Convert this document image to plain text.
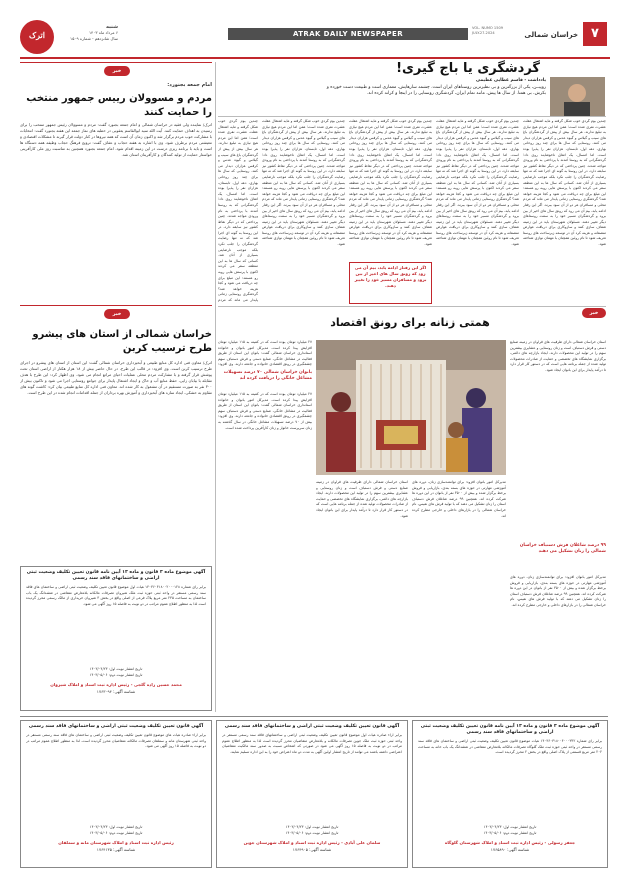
۷
خراسان شمالی
VOL. NUMO 1509
JULY.27.2024
ATRAK DAILY NEWSPAPER
اترک
شنبه
۶ مرداد ماه ۱۴۰۳
سال شانزدهم - شماره ۱۵۰۹
گردشگری یا باج گیری!
یادداشت - قاسم عطایی عظیمی
روییــن، یکی از بزرگترین و بی نظیرترین روستاهای ایران است. چشمه سارهایش، معماری است و طبیعت دست خورده و بکرش، بی همتا. از سال ها پیش، مانند تمام ایران، گردشگری روستایی را در اینجا و کرانه کرده اند.
چندین بوم گردی خوب شکل گرفته و مایه اشتغال عقلت عشرت نفری شده است؛ همن اما این مردم هیچ نیازی به تبلیغ ندارند. هر سال بیش از پیش از گردشگران باغ های سیب و گیلاس و گیوه عدس و کرفس هزاران دیدار می کنند. روستایی که سال ها برای چند روز روحانی بهاری، دهه اول، تابستان، هزاران نفر را پذیرا بوده است. اما امسال، یک اتفاق ناخوشایند روی داد؛ گردشگرانی که به روستا آمدند با پرداختی به نام ورودی مواجه شدند. چنین پرداختی که در دیگر نقاط کشور نیز سابقه دارد، در این روستا به گونه ای اجرا شد که نه تنها رضایت گردشگران را جلب نکرد بلکه موجب نارضایتی بسیاری از آنان شد. کسانی که سال ها به این منطقه سفر می کردند اکنون با پرسش هایی روبه رو هستند: این مبلغ برای چه دریافت می شود و کجا هزینه خواهد شد؟ گردشگری روستایی زمانی پایدار می ماند که مردم محلی و مسافران هر دو از آن سود ببرند. اگر این رفتار ادامه یابد، بیم آن می رود که رونق سال های اخیر از بین برود و گردشگران مسیر خود را به سمت روستاهای دیگر تغییر دهند. مسئولان شهرستان باید در این زمینه شفاف سازی کنند و سازوکاری برای دریافت عوارض منصفانه و هزینه کرد آن در توسعه زیرساخت های روستا تعریف شود تا نام روئین همچنان با مهمان نوازی شناخته شود.
چندین بوم گردی خوب شکل گرفته و مایه اشتغال عقلت عشرت نفری شده است؛ همن اما این مردم هیچ نیازی به تبلیغ ندارند. هر سال بیش از پیش از گردشگران باغ های سیب و گیلاس و گیوه عدس و کرفس هزاران دیدار می کنند. روستایی که سال ها برای چند روز روحانی بهاری، دهه اول، تابستان، هزاران نفر را پذیرا بوده است. اما امسال، یک اتفاق ناخوشایند روی داد؛ گردشگرانی که به روستا آمدند با پرداختی به نام ورودی مواجه شدند. چنین پرداختی که در دیگر نقاط کشور نیز سابقه دارد، در این روستا به گونه ای اجرا شد که نه تنها رضایت گردشگران را جلب نکرد بلکه موجب نارضایتی بسیاری از آنان شد. کسانی که سال ها به این منطقه سفر می کردند اکنون با پرسش هایی روبه رو هستند: این مبلغ برای چه دریافت می شود و کجا هزینه خواهد شد؟ گردشگری روستایی زمانی پایدار می ماند که مردم محلی و مسافران هر دو از آن سود ببرند. اگر این رفتار ادامه یابد، بیم آن می رود که رونق سال های اخیر از بین برود و گردشگران مسیر خود را به سمت روستاهای دیگر تغییر دهند. مسئولان شهرستان باید در این زمینه شفاف سازی کنند و سازوکاری برای دریافت عوارض منصفانه و هزینه کرد آن در توسعه زیرساخت های روستا تعریف شود تا نام روئین همچنان با مهمان نوازی شناخته شود.
چندین بوم گردی خوب شکل گرفته و مایه اشتغال عقلت عشرت نفری شده است؛ همن اما این مردم هیچ نیازی به تبلیغ ندارند. هر سال بیش از پیش از گردشگران باغ های سیب و گیلاس و گیوه عدس و کرفس هزاران دیدار می کنند. روستایی که سال ها برای چند روز روحانی بهاری، دهه اول، تابستان، هزاران نفر را پذیرا بوده است. اما امسال، یک اتفاق ناخوشایند روی داد؛ گردشگرانی که به روستا آمدند با پرداختی به نام ورودی مواجه شدند. چنین پرداختی که در دیگر نقاط کشور نیز سابقه دارد، در این روستا به گونه ای اجرا شد که نه تنها رضایت گردشگران را جلب نکرد بلکه موجب نارضایتی بسیاری از آنان شد. کسانی که سال ها به این منطقه سفر می کردند اکنون با پرسش هایی روبه رو هستند: این مبلغ برای چه دریافت می شود و کجا هزینه خواهد شد؟ گردشگری روستایی زمانی پایدار می ماند که مردم محلی و مسافران هر دو از آن سود ببرند. اگر این رفتار ادامه یابد، بیم آن می رود که رونق سال های اخیر از بین برود و گردشگران مسیر خود را به سمت روستاهای دیگر تغییر دهند. مسئولان شهرستان باید در این زمینه شفاف سازی کنند و سازوکاری برای دریافت عوارض منصفانه و هزینه کرد آن در توسعه زیرساخت های روستا تعریف شود تا نام روئین همچنان با مهمان نوازی شناخته شود.
اگر این رفتار ادامه یابد، بیم آن می رود که رونق سال های اخیر از بین برود و مسافران مسیر خود را تغییر دهند.
چندین بوم گردی خوب شکل گرفته و مایه اشتغال عقلت عشرت نفری شده است؛ همن اما این مردم هیچ نیازی به تبلیغ ندارند. هر سال بیش از پیش از گردشگران باغ های سیب و گیلاس و گیوه عدس و کرفس هزاران دیدار می کنند. روستایی که سال ها برای چند روز روحانی بهاری، دهه اول، تابستان، هزاران نفر را پذیرا بوده است. اما امسال، یک اتفاق ناخوشایند روی داد؛ گردشگرانی که به روستا آمدند با پرداختی به نام ورودی مواجه شدند. چنین پرداختی که در دیگر نقاط کشور نیز سابقه دارد، در این روستا به گونه ای اجرا شد که نه تنها رضایت گردشگران را جلب نکرد بلکه موجب نارضایتی بسیاری از آنان شد. کسانی که سال ها به این منطقه سفر می کردند اکنون با پرسش هایی روبه رو هستند: این مبلغ برای چه دریافت می شود و کجا هزینه خواهد شد؟ گردشگری روستایی زمانی پایدار می ماند که مردم محلی و مسافران هر دو از آن سود ببرند. اگر این رفتار ادامه یابد، بیم آن می رود که رونق سال های اخیر از بین برود و گردشگران مسیر خود را به سمت روستاهای دیگر تغییر دهند. مسئولان شهرستان باید در این زمینه شفاف سازی کنند و سازوکاری برای دریافت عوارض منصفانه و هزینه کرد آن در توسعه زیرساخت های روستا تعریف شود تا نام روئین همچنان با مهمان نوازی شناخته شود.
چندین بوم گردی خوب شکل گرفته و مایه اشتغال عقلت عشرت نفری شده است؛ همن اما این مردم هیچ نیازی به تبلیغ ندارند. هر سال بیش از پیش از گردشگران باغ های سیب و گیلاس و گیوه عدس و کرفس هزاران دیدار می کنند. روستایی که سال ها برای چند روز روحانی بهاری، دهه اول، تابستان، هزاران نفر را پذیرا بوده است. اما امسال، یک اتفاق ناخوشایند روی داد؛ گردشگرانی که به روستا آمدند با پرداختی به نام ورودی مواجه شدند. چنین پرداختی که در دیگر نقاط کشور نیز سابقه دارد، در این روستا به گونه ای اجرا شد که نه تنها رضایت گردشگران را جلب نکرد بلکه موجب نارضایتی بسیاری از آنان شد. کسانی که سال ها به این منطقه سفر می کردند اکنون با پرسش هایی روبه رو هستند: این مبلغ برای چه دریافت می شود و کجا هزینه خواهد شد؟ گردشگری روستایی زمانی پایدار می ماند که مردم
خبر
همتی زنانه برای رونق اقتصاد
استان خراسان شمالی دارای ظرفیت های فراوان در زمینه صنایع دستی و فرش دستباف است و زنان روستایی و عشایری بیشترین سهم را در تولید این محصولات دارند. ایجاد بازارچه های دائمی، برگزاری نمایشگاه های تخصصی و حمایت از صادرات محصولات تولید شده از جمله برنامه هایی است که در دستور کار قرار دارد تا درآمد پایدار برای این بانوان ایجاد شود.
۹۹ درصد شاغلان فرش دستباف خراسان شمالی را زنان تشکیل می دهند
مدیرکل امور بانوان افزود: برای توانمندسازی زنان، دوره های آموزشی مهارتی در حوزه های بسته بندی، بازاریابی و فروش برخط برگزار شده و بیش از ۳۵۰۰ نفر از بانوان در این دوره ها شرکت کرده اند. همچنین ۹۹ درصد شاغلان فرش دستباف استان را زنان تشکیل می دهند که با تولید فرش های نفیس، نام خراسان شمالی را در بازارهای داخلی و خارجی مطرح کرده اند.
۲۷ میلیارد تومان بوده است که در کمیته به ۱۱۵ میلیارد تومان افزایش پیدا کرده است. مدیرکل امور بانوان و خانواده استانداری خراسان شمالی گفت: بانوان این استان از طریق فعالیت در مشاغل خانگی، صنایع دستی و فرش دستباف سهم چشمگیری در رونق اقتصادی خانواده و جامعه دارند. وی افزود:
بانوان خراسان شمالی ۷۰ درصد تسهیلات مشاغل خانگی را دریافت کرده اند
۲۷ میلیارد تومان بوده است که در کمیته به ۱۱۵ میلیارد تومان افزایش پیدا کرده است. مدیرکل امور بانوان و خانواده استانداری خراسان شمالی گفت: بانوان این استان از طریق فعالیت در مشاغل خانگی، صنایع دستی و فرش دستباف سهم چشمگیری در رونق اقتصادی خانواده و جامعه دارند. وی افزود: بیش از ۷۰ درصد تسهیلات مشاغل خانگی در سال گذشته به زنان سرپرست خانوار و زنان کارآفرین پرداخت شده است.
مدیرکل امور بانوان افزود: برای توانمندسازی زنان، دوره های آموزشی مهارتی در حوزه های بسته بندی، بازاریابی و فروش برخط برگزار شده و بیش از ۳۵۰۰ نفر از بانوان در این دوره ها شرکت کرده اند. همچنین ۹۹ درصد شاغلان فرش دستباف استان را زنان تشکیل می دهند که با تولید فرش های نفیس، نام خراسان شمالی را در بازارهای داخلی و خارجی مطرح کرده اند.
استان خراسان شمالی دارای ظرفیت های فراوان در زمینه صنایع دستی و فرش دستباف است و زنان روستایی و عشایری بیشترین سهم را در تولید این محصولات دارند. ایجاد بازارچه های دائمی، برگزاری نمایشگاه های تخصصی و حمایت از صادرات محصولات تولید شده از جمله برنامه هایی است که در دستور کار قرار دارد تا درآمد پایدار برای این بانوان ایجاد شود.
خبر
امام جمعه بجنورد:
مردم و مسوولان رییس جمهور منتخب را حمایت کنند
اترک/ نماینده ولی فقیه در خراسان شمالی و امام جمعه بجنورد گفت: مردم و مسوولان رئیس جمهور منتخب را برای رسیدن به اهداف حمایت کنند. آیت الله سید ابوالقاسم یعقوبی در خطبه های نماز جمعه این هفته بجنورد گفت: انتخابات با مشارکت خوب مردم برگزار شد و اکنون زمان آن است که همه نیروها در کنار دولت قرار گیرند تا مشکلات اقتصادی و معیشتی مردم برطرف شود. وی با اشاره به هفته حجاب و عفاف گفت: ترویج فرهنگ حجاب وظیفه همه دستگاه ها است و باید با برنامه ریزی درست در این زمینه اقدام شود. امام جمعه بجنورد همچنین به مناسبت روز ملی کارآفرینی خواستار حمایت از تولید کنندگان و کارآفرینان استان شد.
خبر
خراسان شمالی از استان های پیشرو طرح ترسیب کربن
اترک/ معاون فنی اداره کل منابع طبیعی و آبخیزداری خراسان شمالی گفت: این استان از استان های پیشرو در اجرای طرح ترسیب کربن است. وی افزود: در قالب این طرح، در حال حاضر بیش از ۱۸ هزار هکتار از اراضی استان تحت پوشش قرار گرفته و با مشارکت مردم محلی عملیات احیای مراتع انجام می شود. وی اظهار کرد: این طرح با هدف مقابله با بیابان زایی، حفظ منابع آب و خاک و ایجاد اشتغال پایدار برای جوامع روستایی اجرا می شود و تاکنون بیش از ۳۰۰ نفر به صورت مستقیم در آن مشغول به کار شده اند. معاون فنی اداره کل منابع طبیعی بیان کرد: کاشت گونه های مقاوم به خشکی، ایجاد سازه های آبخیزداری و آموزش بهره برداران از جمله اقدامات انجام شده در این طرح است.
آگهی موضوع ماده ۳ قانون و ماده ۱۳ آیین نامه قانون تعیین تکلیف وضعیت ثبتی اراضی و ساختمانهای فاقد سند رسمی
برابر رای شماره ۱۴۰۳۶۰۳۱۸۰۰۲۰۰۰۱۲۸ هیات اول موضوع قانون تعیین تکلیف وضعیت ثبتی اراضی و ساختمان های فاقد سند رسمی مستقر در واحد ثبتی حوزه ثبت ملک شیروان تصرفات مالکانه بلامعارض متقاضی در ششدانگ یک باب ساختمان به مساحت ۲۳۵ متر مربع پلاک فرعی از اصلی واقع در بخش ۳ شیروان خریداری از مالک رسمی محرز گردیده است لذا به منظور اطلاع عموم مراتب در دو نوبت به فاصله ۱۵ روز آگهی می شود.
تاریخ انتشار نوبت اول: ۱۴۰۳/۰۴/۲۳
تاریخ انتشار نوبت دوم: ۱۴۰۳/۰۵/۰۶
محمد حسین زاده گلجی - رئیس اداره ثبت اسناد و املاک شیروان
شناسه آگهی: ۱۷۶۳۰۹۴
آگهی موضوع ماده ۳ قانون و ماده ۱۳ آیین نامه قانون تعیین تکلیف وضعیت ثبتی اراضی و ساختمانهای فاقد سند رسمی
برابر رای شماره ۱۴۰۳۶۰۳۱۸۰۰۴۰۰۰۳۴۲ هیات موضوع قانون تعیین تکلیف وضعیت ثبتی اراضی و ساختمان های فاقد سند رسمی مستقر در واحد ثبتی حوزه ثبت ملک گلوگاه تصرفات مالکانه بلامعارض متقاضی در ششدانگ یک باب خانه به مساحت ۲۰۲ متر مربع قسمتی از پلاک اصلی واقع در بخش ۲ محرز گردیده است.
تاریخ انتشار نوبت اول: ۱۴۰۳/۰۴/۲۳
تاریخ انتشار نوبت دوم: ۱۴۰۳/۰۵/۰۶
جعفر رسولی - رئیس اداره ثبت اسناد و املاک شهرستان گلوگاه
شناسه آگهی: ۱۷۶۵۸۹۰
آگهی قانون تعیین تکلیف وضعیت ثبتی اراضی و ساختمانهای فاقد سند رسمی
برابر آراء صادره هیات اول موضوع قانون تعیین تکلیف وضعیت ثبتی اراضی و ساختمانهای فاقد سند رسمی مستقر در واحد ثبتی حوزه ثبت ملک جوین تصرفات مالکانه و بلامعارض متقاضیان محرز گردیده است لذا به منظور اطلاع عموم مراتب در دو نوبت به فاصله ۱۵ روز آگهی می شود در صورتی که اشخاص نسبت به صدور سند مالکیت متقاضیان اعتراضی داشته باشند می توانند از تاریخ انتشار اولین آگهی به مدت دو ماه اعتراض خود را به این اداره تسلیم نمایند.
تاریخ انتشار نوبت اول: ۱۴۰۳/۰۴/۲۳
تاریخ انتشار نوبت دوم: ۱۴۰۳/۰۵/۰۶
سلمان علی آبادی - رئیس اداره ثبت اسناد و املاک شهرستان جوین
شناسه آگهی: ۱۷۶۴۹۰۵
آگهی قانون تعیین تکلیف وضعیت ثبتی اراضی و ساختمانهای فاقد سند رسمی
برابر آراء صادره هیات های موضوع قانون تعیین تکلیف وضعیت ثبتی اراضی و ساختمان های فاقد سند رسمی مستقر در واحد ثبتی شهرستان مانه و سملقان تصرفات مالکانه متقاضیان محرز گردیده است. لذا به منظور اطلاع عموم مراتب در دو نوبت به فاصله ۱۵ روز آگهی می شود.
تاریخ انتشار نوبت اول: ۱۴۰۳/۰۴/۲۳
تاریخ انتشار نوبت دوم: ۱۴۰۳/۰۵/۰۶
رئیس اداره ثبت اسناد و املاک شهرستان مانه و سملقان
شناسه آگهی: ۱۷۶۴۱۳۵
